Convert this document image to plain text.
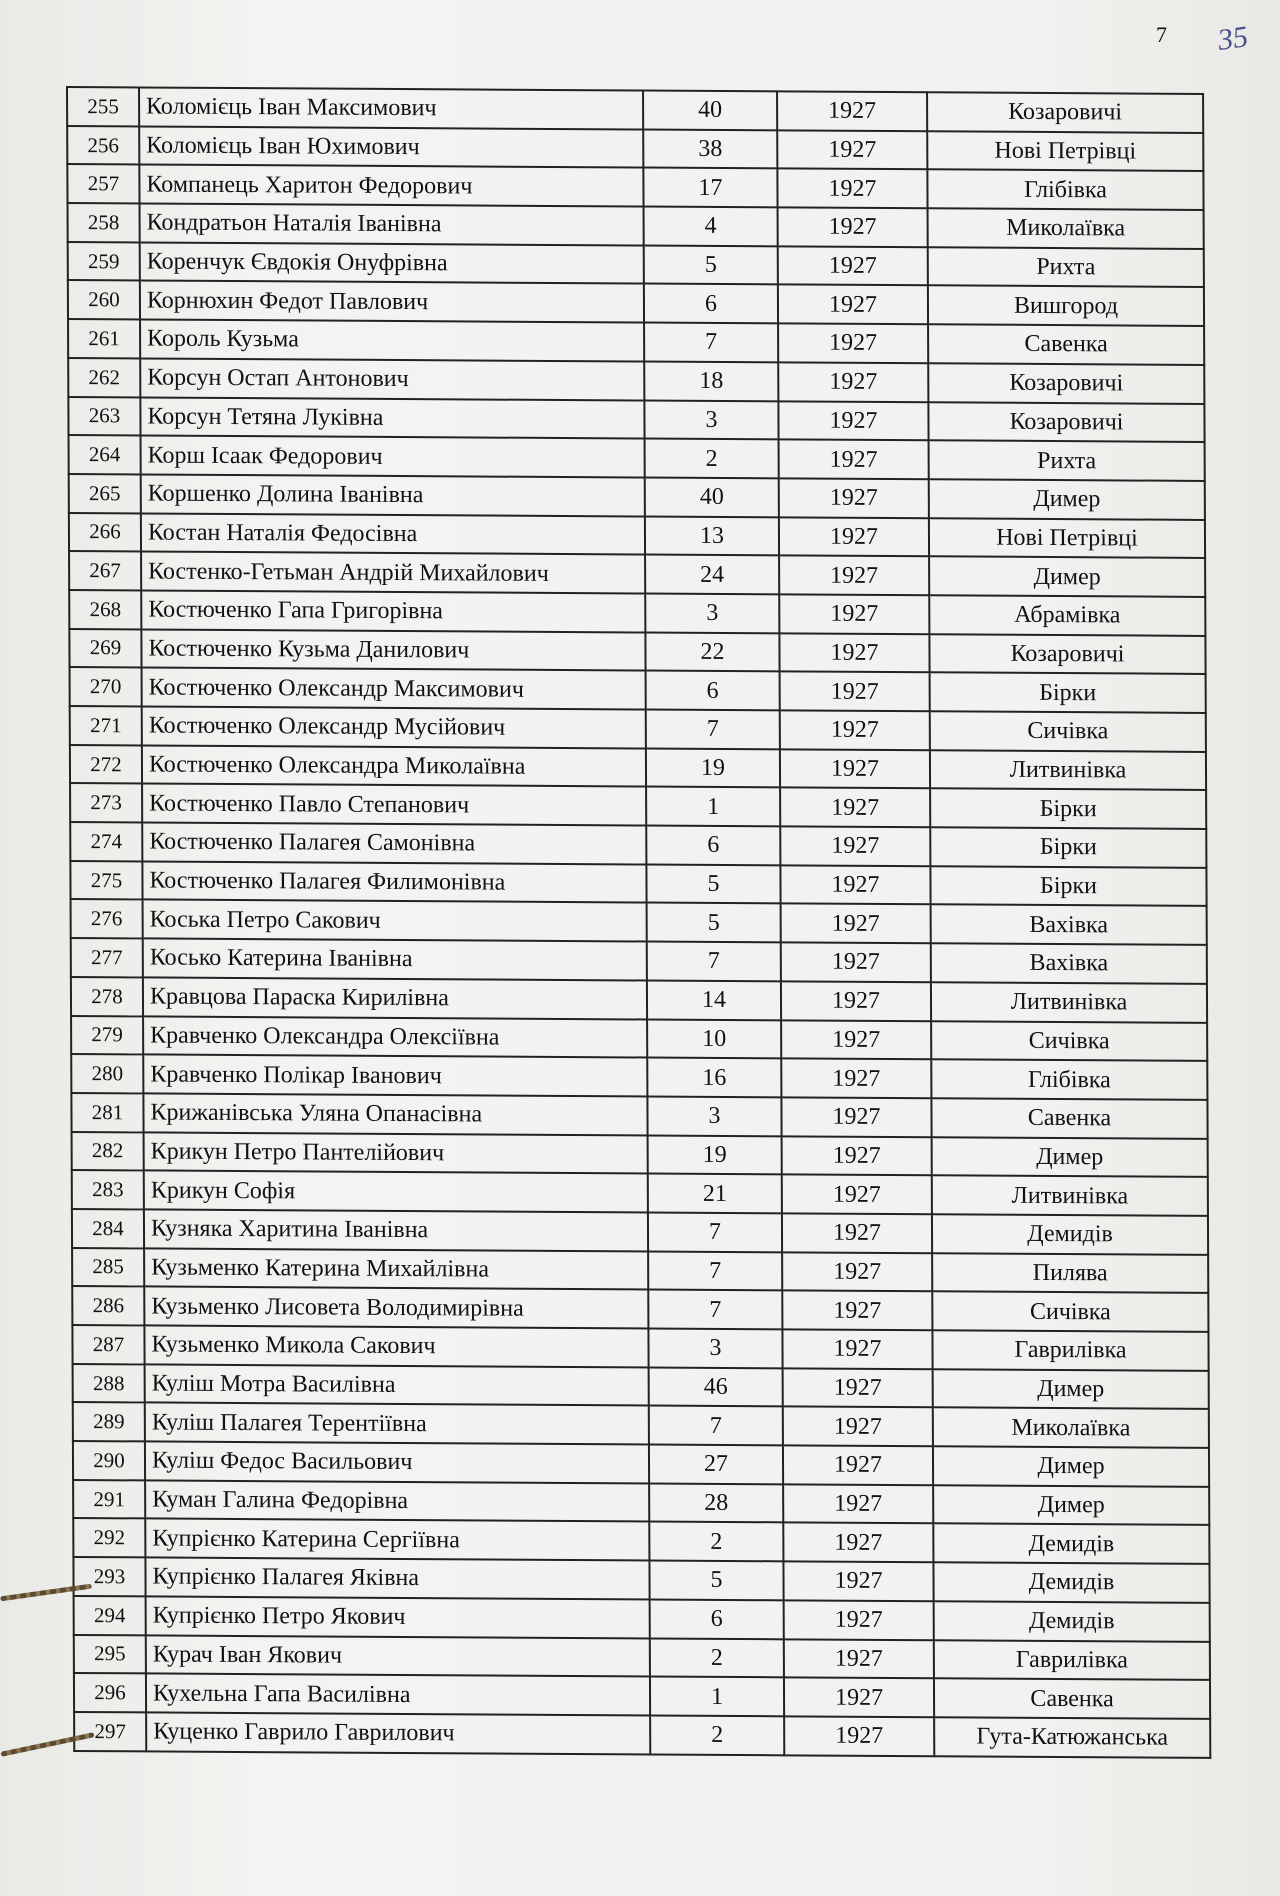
7 35
255	Коломієць Іван Максимович	40	1927	Козаровичі
256	Коломієць Іван Юхимович	38	1927	Нові Петрівці
257	Компанець Харитон Федорович	17	1927	Глібівка
258	Кондратьон Наталія Іванівна	4	1927	Миколаївка
259	Коренчук Євдокія Онуфрівна	5	1927	Рихта
260	Корнюхин Федот Павлович	6	1927	Вишгород
261	Король Кузьма	7	1927	Савенка
262	Корсун Остап Антонович	18	1927	Козаровичі
263	Корсун Тетяна Луківна	3	1927	Козаровичі
264	Корш Ісаак Федорович	2	1927	Рихта
265	Коршенко Долина Іванівна	40	1927	Димер
266	Костан Наталія Федосівна	13	1927	Нові Петрівці
267	Костенко-Гетьман Андрій Михайлович	24	1927	Димер
268	Костюченко Гапа Григорівна	3	1927	Абрамівка
269	Костюченко Кузьма Данилович	22	1927	Козаровичі
270	Костюченко Олександр Максимович	6	1927	Бірки
271	Костюченко Олександр Мусійович	7	1927	Сичівка
272	Костюченко Олександра Миколаївна	19	1927	Литвинівка
273	Костюченко Павло Степанович	1	1927	Бірки
274	Костюченко Палагея Самонівна	6	1927	Бірки
275	Костюченко Палагея Филимонівна	5	1927	Бірки
276	Коська Петро Сакович	5	1927	Вахівка
277	Косько Катерина Іванівна	7	1927	Вахівка
278	Кравцова Параска Кирилівна	14	1927	Литвинівка
279	Кравченко Олександра Олексіївна	10	1927	Сичівка
280	Кравченко Полікар Іванович	16	1927	Глібівка
281	Крижанівська Уляна Опанасівна	3	1927	Савенка
282	Крикун Петро Пантелійович	19	1927	Димер
283	Крикун Софія	21	1927	Литвинівка
284	Кузняка Харитина Іванівна	7	1927	Демидів
285	Кузьменко Катерина Михайлівна	7	1927	Пилява
286	Кузьменко Лисовета Володимирівна	7	1927	Сичівка
287	Кузьменко Микола Сакович	3	1927	Гаврилівка
288	Куліш Мотра Василівна	46	1927	Димер
289	Куліш Палагея Терентіївна	7	1927	Миколаївка
290	Куліш Федос Васильович	27	1927	Димер
291	Куман Галина Федорівна	28	1927	Димер
292	Купрієнко Катерина Сергіївна	2	1927	Демидів
293	Купрієнко Палагея Яківна	5	1927	Демидів
294	Купрієнко Петро Якович	6	1927	Демидів
295	Курач Іван Якович	2	1927	Гаврилівка
296	Кухельна Гапа Василівна	1	1927	Савенка
297	Куценко Гаврило Гаврилович	2	1927	Гута-Катюжанська
